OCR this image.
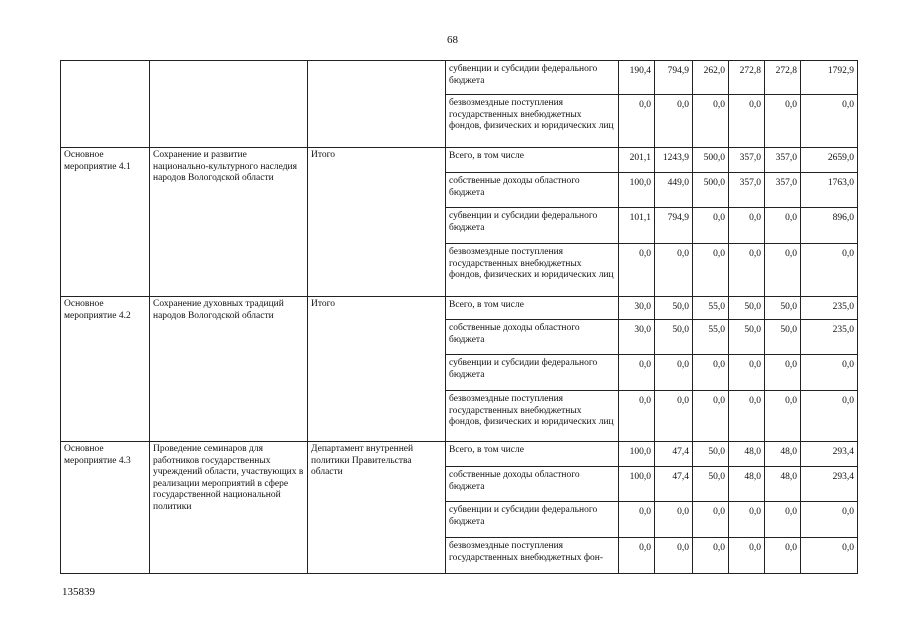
68
			субвенции и субсидии федерального бюджета	190,4	794,9	262,0	272,8	272,8	1792,9
			безвозмездные поступления государственных внебюджетных фондов, физических и юридических лиц	0,0	0,0	0,0	0,0	0,0	0,0
Основное мероприятие 4.1	Сохранение и развитие национально-культурного наследия народов Вологодской области	Итого	Всего, в том числе	201,1	1243,9	500,0	357,0	357,0	2659,0
			собственные доходы областного бюджета	100,0	449,0	500,0	357,0	357,0	1763,0
			субвенции и субсидии федерального бюджета	101,1	794,9	0,0	0,0	0,0	896,0
			безвозмездные поступления государственных внебюджетных фондов, физических и юридических лиц	0,0	0,0	0,0	0,0	0,0	0,0
Основное мероприятие 4.2	Сохранение духовных традиций народов Вологодской области	Итого	Всего, в том числе	30,0	50,0	55,0	50,0	50,0	235,0
			собственные доходы областного бюджета	30,0	50,0	55,0	50,0	50,0	235,0
			субвенции и субсидии федерального бюджета	0,0	0,0	0,0	0,0	0,0	0,0
			безвозмездные поступления государственных внебюджетных фондов, физических и юридических лиц	0,0	0,0	0,0	0,0	0,0	0,0
Основное мероприятие 4.3	Проведение семинаров для работников государственных учреждений области, участвующих в реализации мероприятий в сфере государственной национальной политики	Департамент внутренней политики Правительства области	Всего, в том числе	100,0	47,4	50,0	48,0	48,0	293,4
			собственные доходы областного бюджета	100,0	47,4	50,0	48,0	48,0	293,4
			субвенции и субсидии федерального бюджета	0,0	0,0	0,0	0,0	0,0	0,0
			безвозмездные поступления государственных внебюджетных фон-	0,0	0,0	0,0	0,0	0,0	0,0
135839
